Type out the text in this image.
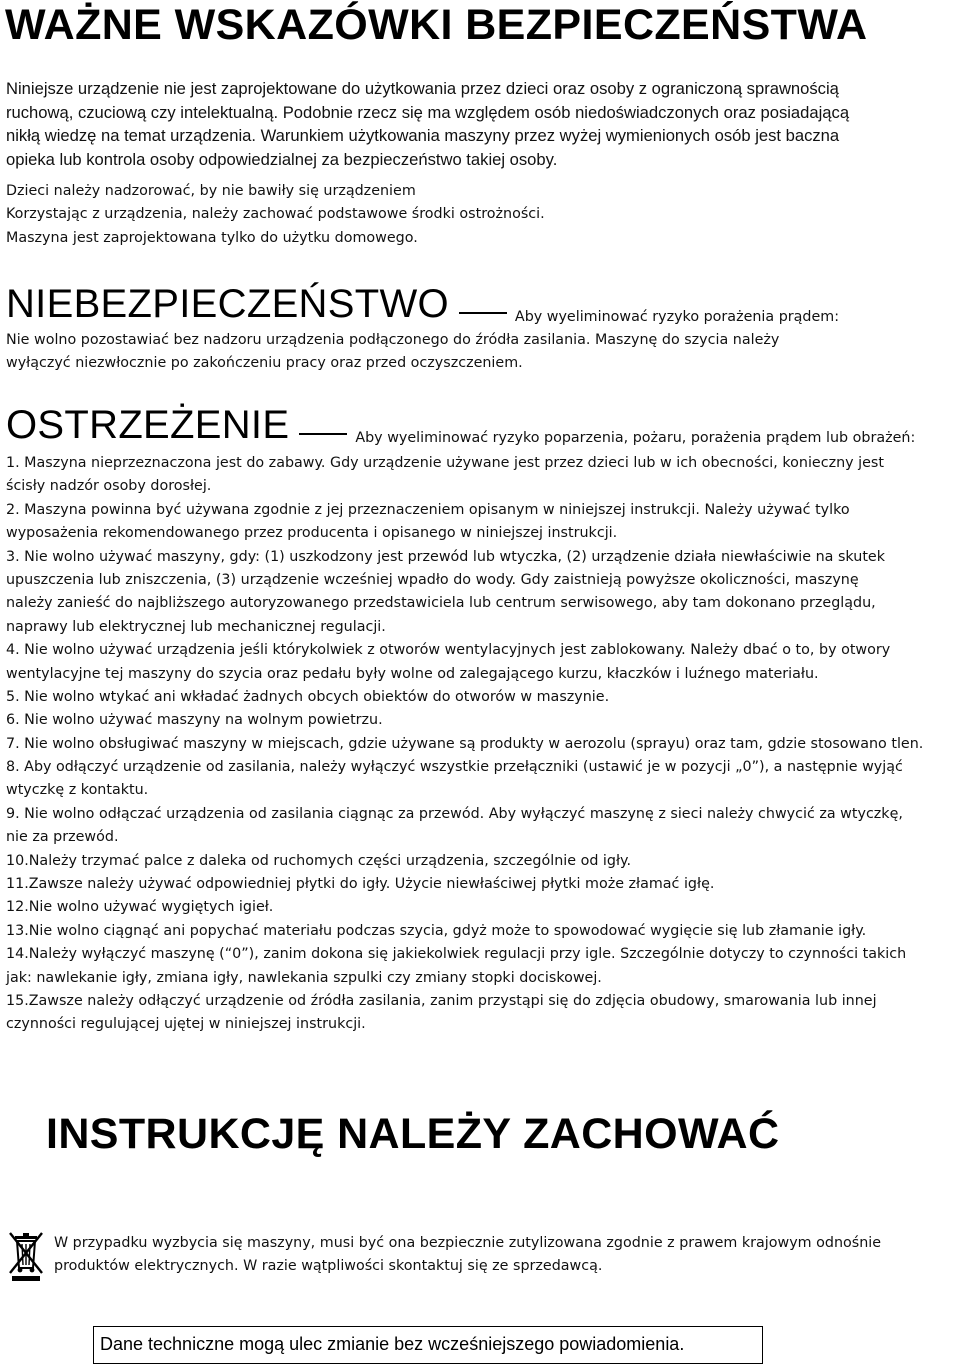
WAŻNE WSKAZÓWKI BEZPIECZEŃSTWA
Niniejsze urządzenie nie jest zaprojektowane do użytkowania przez dzieci oraz osoby z ograniczoną sprawnością
ruchową, czuciową czy intelektualną. Podobnie rzecz się ma względem osób niedoświadczonych oraz posiadającą
nikłą wiedzę na temat urządzenia. Warunkiem użytkowania maszyny przez wyżej wymienionych osób jest baczna
opieka lub kontrola osoby odpowiedzialnej za bezpieczeństwo takiej osoby.
Dzieci należy nadzorować, by nie bawiły się urządzeniem
Korzystając z urządzenia, należy zachować podstawowe środki ostrożności.
Maszyna jest zaprojektowana tylko do użytku domowego.
NIEBEZPIECZEŃSTWO	Aby wyeliminować ryzyko porażenia prądem:
Nie wolno pozostawiać bez nadzoru urządzenia podłączonego do źródła zasilania. Maszynę do szycia należy
wyłączyć niezwłocznie po zakończeniu pracy oraz przed oczyszczeniem.
OSTRZEŻENIE	Aby wyeliminować ryzyko poparzenia, pożaru, porażenia prądem lub obrażeń:
1. Maszyna nieprzeznaczona jest do zabawy. Gdy urządzenie używane jest przez dzieci lub w ich obecności, konieczny jest
ścisły nadzór osoby dorosłej.
2. Maszyna powinna być używana zgodnie z jej przeznaczeniem opisanym w niniejszej instrukcji. Należy używać tylko
wyposażenia rekomendowanego przez producenta i opisanego w niniejszej instrukcji.
3. Nie wolno używać maszyny, gdy: (1) uszkodzony jest przewód lub wtyczka, (2) urządzenie działa niewłaściwie na skutek
upuszczenia lub zniszczenia, (3) urządzenie wcześniej wpadło do wody. Gdy zaistnieją powyższe okoliczności, maszynę
należy zanieść do najbliższego autoryzowanego przedstawiciela lub centrum serwisowego, aby tam dokonano przeglądu,
naprawy lub elektrycznej lub mechanicznej regulacji.
4. Nie wolno używać urządzenia jeśli którykolwiek z otworów wentylacyjnych jest zablokowany. Należy dbać o to, by otwory
wentylacyjne tej maszyny do szycia oraz pedału były wolne od zalegającego kurzu, kłaczków i luźnego materiału.
5. Nie wolno wtykać ani wkładać żadnych obcych obiektów do otworów w maszynie.
6. Nie wolno używać maszyny na wolnym powietrzu.
7. Nie wolno obsługiwać maszyny w miejscach, gdzie używane są produkty w aerozolu (sprayu) oraz tam, gdzie stosowano tlen.
8. Aby odłączyć urządzenie od zasilania, należy wyłączyć wszystkie przełączniki (ustawić je w pozycji „0”), a następnie wyjąć
wtyczkę z kontaktu.
9. Nie wolno odłączać urządzenia od zasilania ciągnąc za przewód. Aby wyłączyć maszynę z sieci należy chwycić za wtyczkę,
nie za przewód.
10.Należy trzymać palce z daleka od ruchomych części urządzenia, szczególnie od igły.
11.Zawsze należy używać odpowiedniej płytki do igły. Użycie niewłaściwej płytki może złamać igłę.
12.Nie wolno używać wygiętych igieł.
13.Nie wolno ciągnąć ani popychać materiału podczas szycia, gdyż może to spowodować wygięcie się lub złamanie igły.
14.Należy wyłączyć maszynę (“0”), zanim dokona się jakiekolwiek regulacji przy igle. Szczególnie dotyczy to czynności takich
jak: nawlekanie igły, zmiana igły, nawlekania szpulki czy zmiany stopki dociskowej.
15.Zawsze należy odłączyć urządzenie od źródła zasilania, zanim przystąpi się do zdjęcia obudowy, smarowania lub innej
czynności regulującej ujętej w niniejszej instrukcji.
INSTRUKCJĘ NALEŻY ZACHOWAĆ
W przypadku wyzbycia się maszyny, musi być ona bezpiecznie zutylizowana zgodnie z prawem krajowym odnośnie
produktów elektrycznych. W razie wątpliwości skontaktuj się ze sprzedawcą.
Dane techniczne mogą ulec zmianie bez wcześniejszego powiadomienia.
